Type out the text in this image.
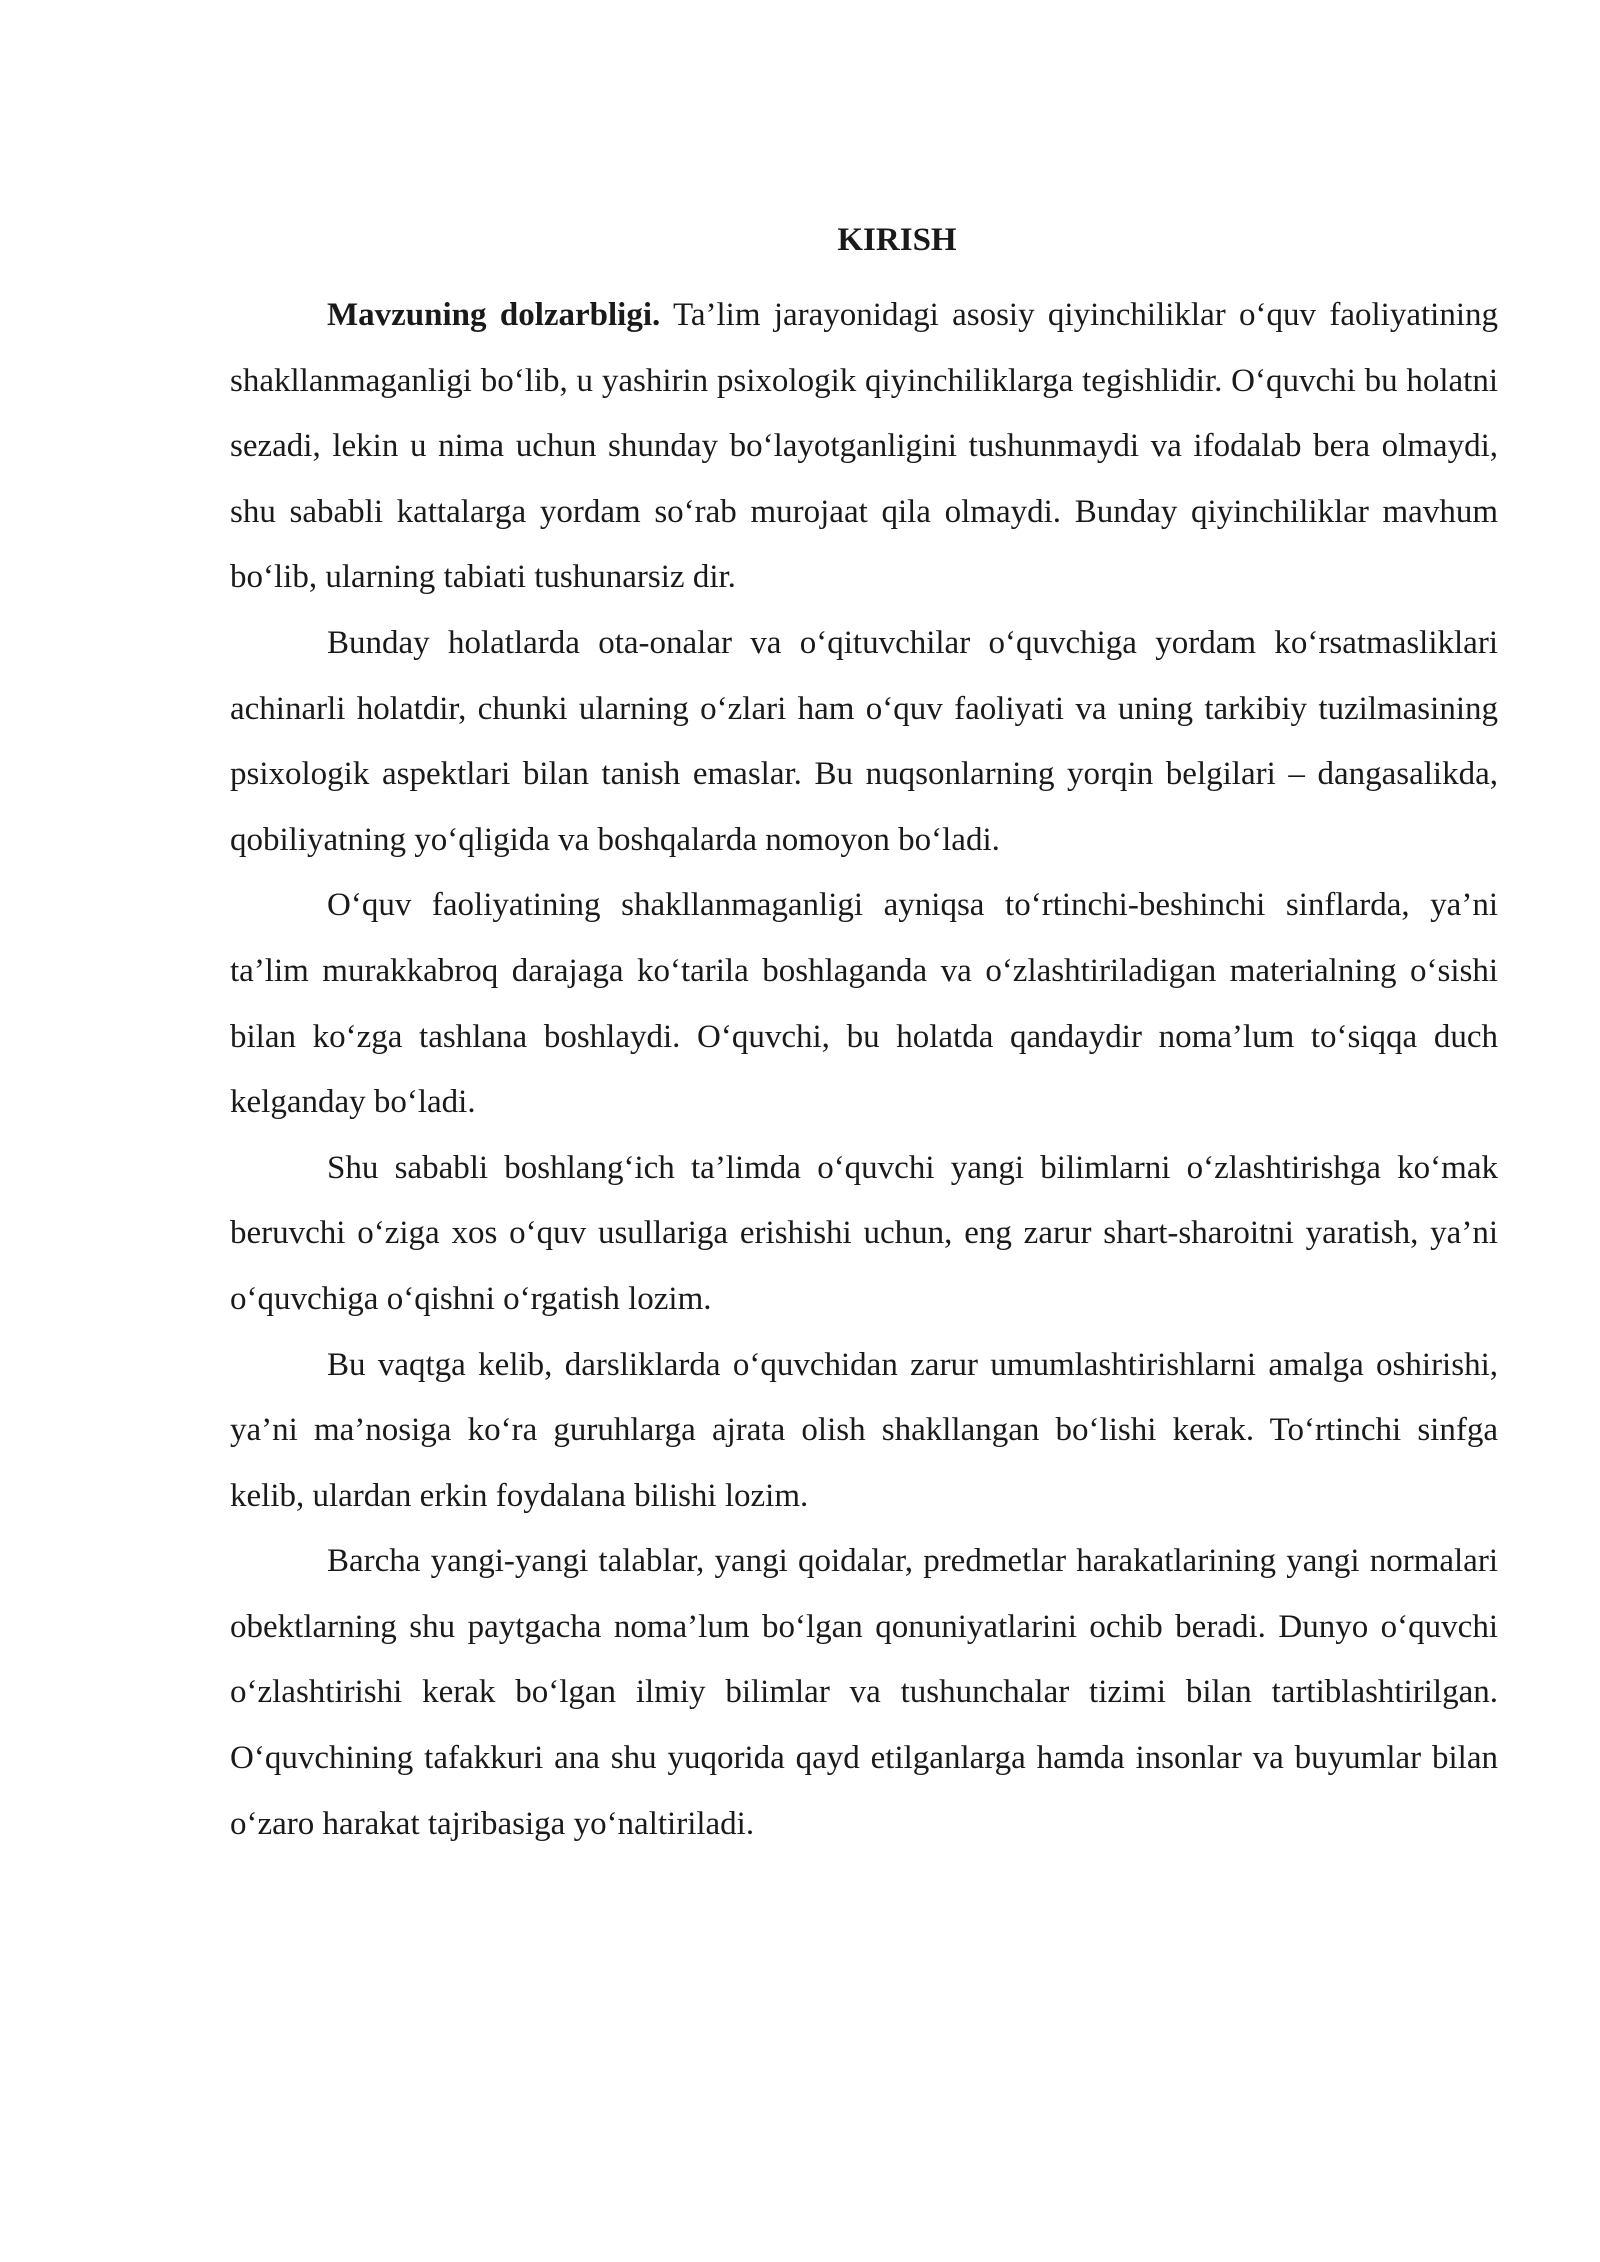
KIRISH

Mavzuning dolzarbligi. Ta’lim jarayonidagi asosiy qiyinchiliklar o‘quv faoliyatining shakllanmaganligi bo‘lib, u yashirin psixologik qiyinchiliklarga tegishlidir. O‘quvchi bu holatni sezadi, lekin u nima uchun shunday bo‘layotganligini tushunmaydi va ifodalab bera olmaydi, shu sababli kattalarga yordam so‘rab murojaat qila olmaydi. Bunday qiyinchiliklar mavhum bo‘lib, ularning tabiati tushunarsiz dir.

Bunday holatlarda ota-onalar va o‘qituvchilar o‘quvchiga yordam ko‘rsatmasliklari achinarli holatdir, chunki ularning o‘zlari ham o‘quv faoliyati va uning tarkibiy tuzilmasining psixologik aspektlari bilan tanish emaslar. Bu nuqsonlarning yorqin belgilari – dangasalikda, qobiliyatning yo‘qligida va boshqalarda nomoyon bo‘ladi.

O‘quv faoliyatining shakllanmaganligi ayniqsa to‘rtinchi-beshinchi sinflarda, ya’ni ta’lim murakkabroq darajaga ko‘tarila boshlaganda va o‘zlashtiriladigan materialning o‘sishi bilan ko‘zga tashlana boshlaydi. O‘quvchi, bu holatda qandaydir noma’lum to‘siqqa duch kelganday bo‘ladi.

Shu sababli boshlang‘ich ta’limda o‘quvchi yangi bilimlarni o‘zlashtirishga ko‘mak beruvchi o‘ziga xos o‘quv usullariga erishishi uchun, eng zarur shart-sharoitni yaratish, ya’ni o‘quvchiga o‘qishni o‘rgatish lozim.

Bu vaqtga kelib, darsliklarda o‘quvchidan zarur umumlashtirishlarni amalga oshirishi, ya’ni ma’nosiga ko‘ra guruhlarga ajrata olish shakllangan bo‘lishi kerak. To‘rtinchi sinfga kelib, ulardan erkin foydalana bilishi lozim.

Barcha yangi-yangi talablar, yangi qoidalar, predmetlar harakatlarining yangi normalari obektlarning shu paytgacha noma’lum bo‘lgan qonuniyatlarini ochib beradi. Dunyo o‘quvchi o‘zlashtirishi kerak bo‘lgan ilmiy bilimlar va tushunchalar tizimi bilan tartiblashtirilgan. O‘quvchining tafakkuri ana shu yuqorida qayd etilganlarga hamda insonlar va buyumlar bilan o‘zaro harakat tajribasiga yo‘naltiriladi.
